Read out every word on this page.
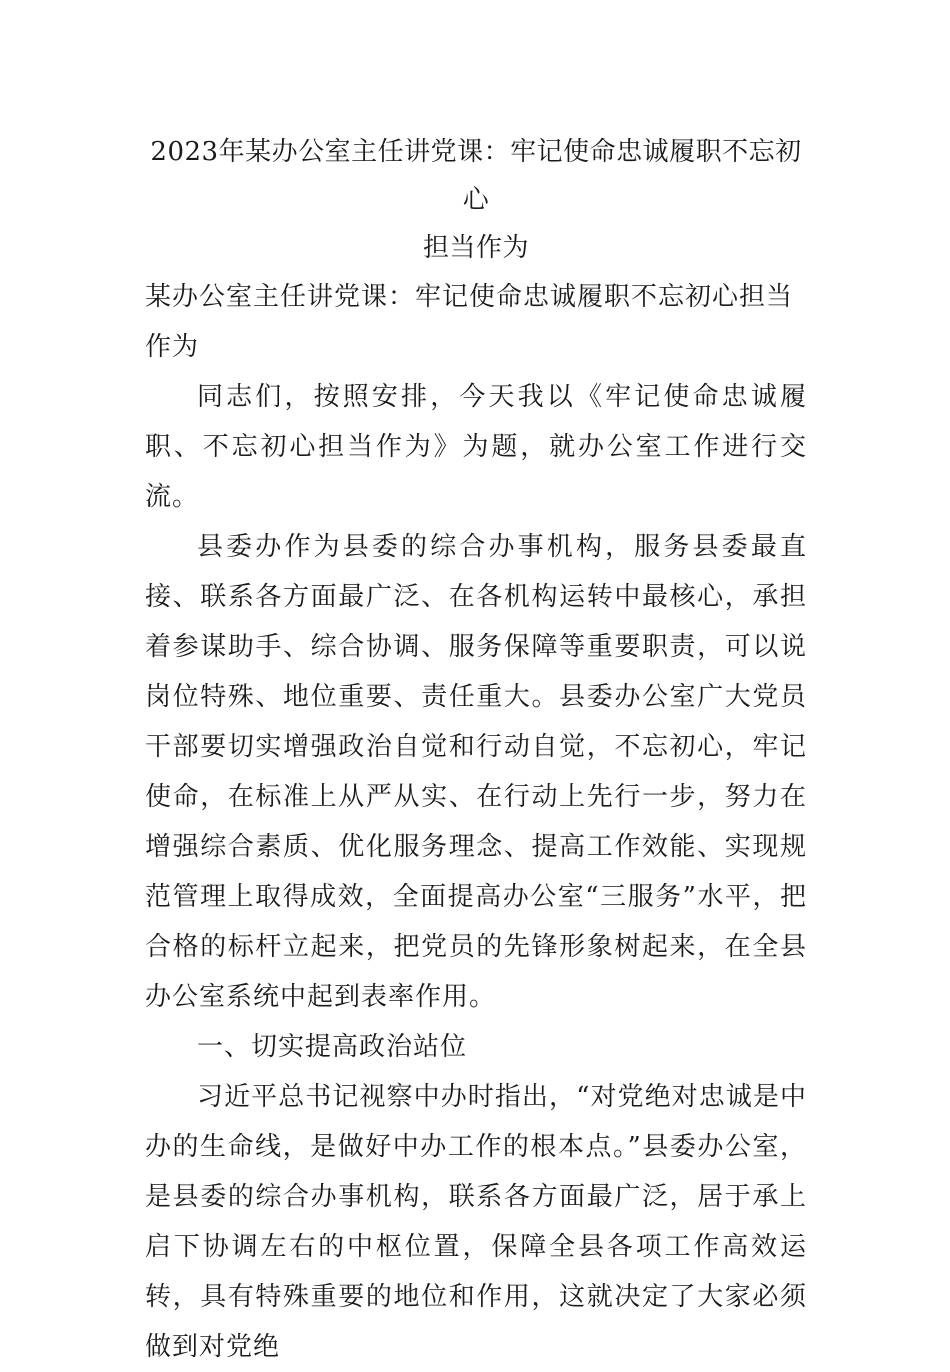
2023年某办公室主任讲党课：牢记使命忠诚履职不忘初心
担当作为

某办公室主任讲党课：牢记使命忠诚履职不忘初心担当作为

同志们，按照安排，今天我以《牢记使命忠诚履职、不忘初心担当作为》为题，就办公室工作进行交流。

县委办作为县委的综合办事机构，服务县委最直接、联系各方面最广泛、在各机构运转中最核心，承担着参谋助手、综合协调、服务保障等重要职责，可以说岗位特殊、地位重要、责任重大。县委办公室广大党员干部要切实增强政治自觉和行动自觉，不忘初心，牢记使命，在标准上从严从实、在行动上先行一步，努力在增强综合素质、优化服务理念、提高工作效能、实现规范管理上取得成效，全面提高办公室“三服务”水平，把合格的标杆立起来，把党员的先锋形象树起来，在全县办公室系统中起到表率作用。

一、切实提高政治站位

习近平总书记视察中办时指出，“对党绝对忠诚是中办的生命线，是做好中办工作的根本点。”县委办公室，是县委的综合办事机构，联系各方面最广泛，居于承上启下协调左右的中枢位置，保障全县各项工作高效运转，具有特殊重要的地位和作用，这就决定了大家必须做到对党绝
